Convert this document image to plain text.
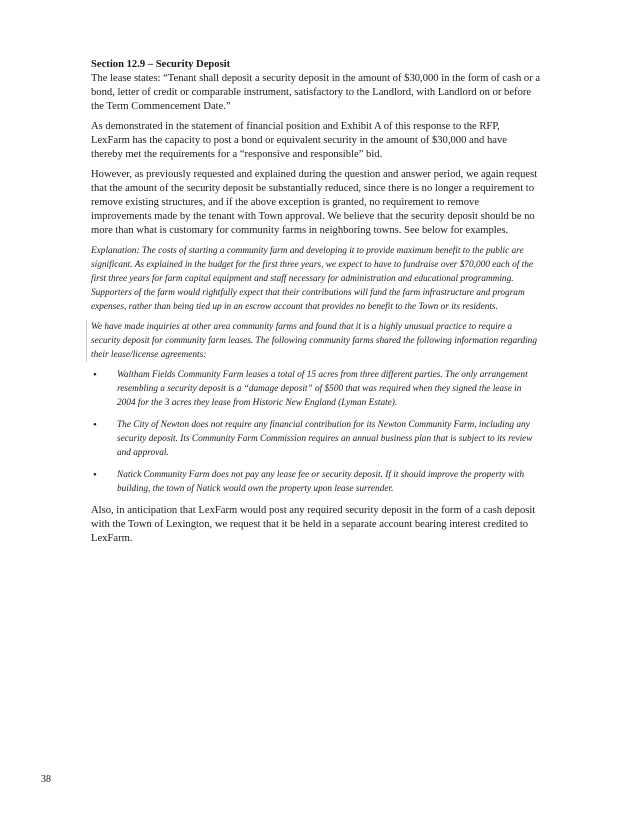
Section 12.9 – Security Deposit

The lease states: “Tenant shall deposit a security deposit in the amount of $30,000 in the form of cash or a bond, letter of credit or comparable instrument, satisfactory to the Landlord, with Landlord on or before the Term Commencement Date.”

As demonstrated in the statement of financial position and Exhibit A of this response to the RFP, LexFarm has the capacity to post a bond or equivalent security in the amount of $30,000 and have thereby met the requirements for a “responsive and responsible” bid.

However, as previously requested and explained during the question and answer period, we again request that the amount of the security deposit be substantially reduced, since there is no longer a requirement to remove existing structures, and if the above exception is granted, no requirement to remove improvements made by the tenant with Town approval. We believe that the security deposit should be no more than what is customary for community farms in neighboring towns. See below for examples.

Explanation: The costs of starting a community farm and developing it to provide maximum benefit to the public are significant. As explained in the budget for the first three years, we expect to have to fundraise over $70,000 each of the first three years for farm capital equipment and staff necessary for administration and educational programming. Supporters of the farm would rightfully expect that their contributions will fund the farm infrastructure and program expenses, rather than being tied up in an escrow account that provides no benefit to the Town or its residents.

We have made inquiries at other area community farms and found that it is a highly unusual practice to require a security deposit for community farm leases. The following community farms shared the following information regarding their lease/license agreements:

• Waltham Fields Community Farm leases a total of 15 acres from three different parties. The only arrangement resembling a security deposit is a “damage deposit” of $500 that was required when they signed the lease in 2004 for the 3 acres they lease from Historic New England (Lyman Estate).
• The City of Newton does not require any financial contribution for its Newton Community Farm, including any security deposit. Its Community Farm Commission requires an annual business plan that is subject to its review and approval.
• Natick Community Farm does not pay any lease fee or security deposit. If it should improve the property with building, the town of Natick would own the property upon lease surrender.

Also, in anticipation that LexFarm would post any required security deposit in the form of a cash deposit with the Town of Lexington, we request that it be held in a separate account bearing interest credited to LexFarm.

38
